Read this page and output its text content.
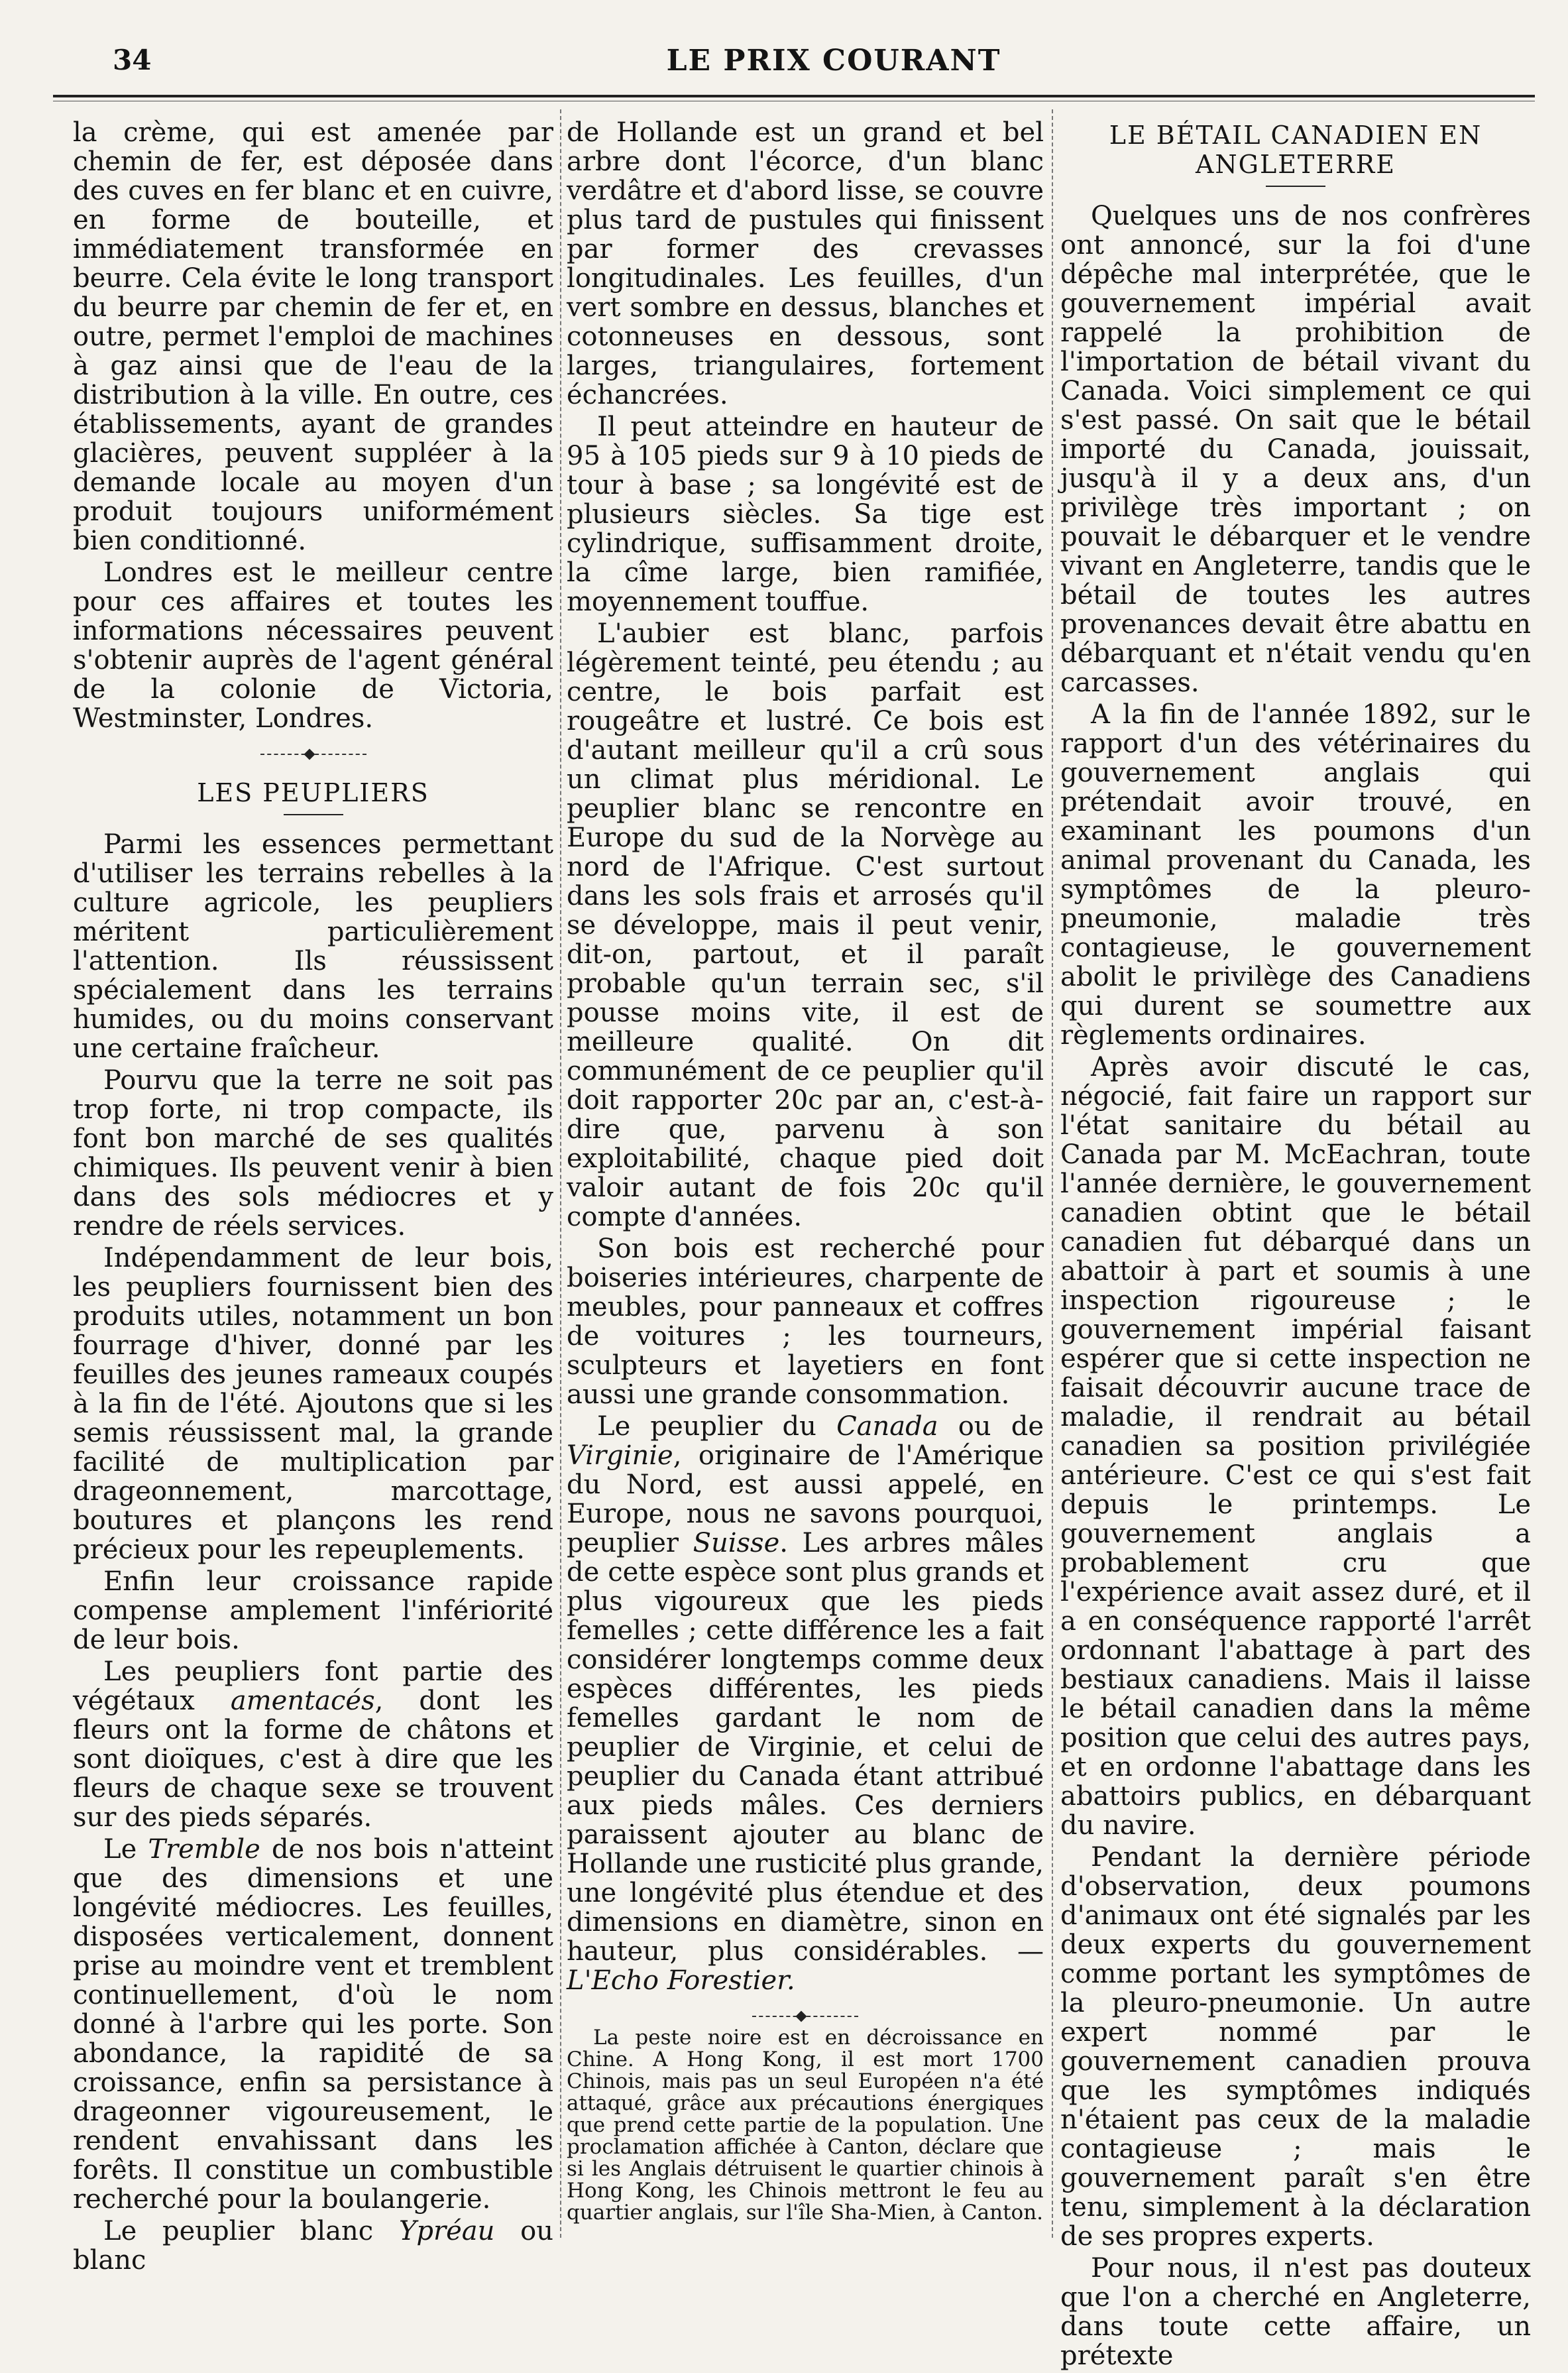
34	LE PRIX COURANT

la crème, qui est amenée par chemin de fer, est déposée dans des cuves en fer blanc et en cuivre, en forme de bouteille, et immédiatement transformée en beurre. Cela évite le long transport du beurre par chemin de fer et, en outre, permet l'emploi de machines à gaz ainsi que de l'eau de la distribution à la ville. En outre, ces établissements, ayant de grandes glacières, peuvent suppléer à la demande locale au moyen d'un produit toujours uniformément bien conditionné.

Londres est le meilleur centre pour ces affaires et toutes les informations nécessaires peuvent s'obtenir auprès de l'agent général de la colonie de Victoria, Westminster, Londres.

LES PEUPLIERS

Parmi les essences permettant d'utiliser les terrains rebelles à la culture agricole, les peupliers méritent particulièrement l'attention. Ils réussissent spécialement dans les terrains humides, ou du moins conservant une certaine fraîcheur.

Pourvu que la terre ne soit pas trop forte, ni trop compacte, ils font bon marché de ses qualités chimiques. Ils peuvent venir à bien dans des sols médiocres et y rendre de réels services.

Indépendamment de leur bois, les peupliers fournissent bien des produits utiles, notamment un bon fourrage d'hiver, donné par les feuilles des jeunes rameaux coupés à la fin de l'été. Ajoutons que si les semis réussissent mal, la grande facilité de multiplication par drageonnement, marcottage, boutures et plançons les rend précieux pour les repeuplements.

Enfin leur croissance rapide compense amplement l'infériorité de leur bois.

Les peupliers font partie des végétaux amentacés, dont les fleurs ont la forme de châtons et sont dioïques, c'est à dire que les fleurs de chaque sexe se trouvent sur des pieds séparés.

Le Tremble de nos bois n'atteint que des dimensions et une longévité médiocres. Les feuilles, disposées verticalement, donnent prise au moindre vent et tremblent continuellement, d'où le nom donné à l'arbre qui les porte. Son abondance, la rapidité de sa croissance, enfin sa persistance à drageonner vigoureusement, le rendent envahissant dans les forêts. Il constitue un combustible recherché pour la boulangerie.

Le peuplier blanc Ypréau ou blanc

de Hollande est un grand et bel arbre dont l'écorce, d'un blanc verdâtre et d'abord lisse, se couvre plus tard de pustules qui finissent par former des crevasses longitudinales. Les feuilles, d'un vert sombre en dessus, blanches et cotonneuses en dessous, sont larges, triangulaires, fortement échancrées.

Il peut atteindre en hauteur de 95 à 105 pieds sur 9 à 10 pieds de tour à base ; sa longévité est de plusieurs siècles. Sa tige est cylindrique, suffisamment droite, la cîme large, bien ramifiée, moyennement touffue.

L'aubier est blanc, parfois légèrement teinté, peu étendu ; au centre, le bois parfait est rougeâtre et lustré. Ce bois est d'autant meilleur qu'il a crû sous un climat plus méridional. Le peuplier blanc se rencontre en Europe du sud de la Norvège au nord de l'Afrique. C'est surtout dans les sols frais et arrosés qu'il se développe, mais il peut venir, dit-on, partout, et il paraît probable qu'un terrain sec, s'il pousse moins vite, il est de meilleure qualité. On dit communément de ce peuplier qu'il doit rapporter 20c par an, c'est-à-dire que, parvenu à son exploitabilité, chaque pied doit valoir autant de fois 20c qu'il compte d'années.

Son bois est recherché pour boiseries intérieures, charpente de meubles, pour panneaux et coffres de voitures ; les tourneurs, sculpteurs et layetiers en font aussi une grande consommation.

Le peuplier du Canada ou de Virginie, originaire de l'Amérique du Nord, est aussi appelé, en Europe, nous ne savons pourquoi, peuplier Suisse. Les arbres mâles de cette espèce sont plus grands et plus vigoureux que les pieds femelles ; cette différence les a fait considérer longtemps comme deux espèces différentes, les pieds femelles gardant le nom de peuplier de Virginie, et celui de peuplier du Canada étant attribué aux pieds mâles. Ces derniers paraissent ajouter au blanc de Hollande une rusticité plus grande, une longévité plus étendue et des dimensions en diamètre, sinon en hauteur, plus considérables. — L'Echo Forestier.

La peste noire est en décroissance en Chine. A Hong Kong, il est mort 1700 Chinois, mais pas un seul Européen n'a été attaqué, grâce aux précautions énergiques que prend cette partie de la population. Une proclamation affichée à Canton, déclare que si les Anglais détruisent le quartier chinois à Hong Kong, les Chinois mettront le feu au quartier anglais, sur l'île Sha-Mien, à Canton.

LE BÉTAIL CANADIEN EN ANGLETERRE

Quelques uns de nos confrères ont annoncé, sur la foi d'une dépêche mal interprétée, que le gouvernement impérial avait rappelé la prohibition de l'importation de bétail vivant du Canada. Voici simplement ce qui s'est passé. On sait que le bétail importé du Canada, jouissait, jusqu'à il y a deux ans, d'un privilège très important ; on pouvait le débarquer et le vendre vivant en Angleterre, tandis que le bétail de toutes les autres provenances devait être abattu en débarquant et n'était vendu qu'en carcasses.

A la fin de l'année 1892, sur le rapport d'un des vétérinaires du gouvernement anglais qui prétendait avoir trouvé, en examinant les poumons d'un animal provenant du Canada, les symptômes de la pleuro-pneumonie, maladie très contagieuse, le gouvernement abolit le privilège des Canadiens qui durent se soumettre aux règlements ordinaires.

Après avoir discuté le cas, négocié, fait faire un rapport sur l'état sanitaire du bétail au Canada par M. McEachran, toute l'année dernière, le gouvernement canadien obtint que le bétail canadien fut débarqué dans un abattoir à part et soumis à une inspection rigoureuse ; le gouvernement impérial faisant espérer que si cette inspection ne faisait découvrir aucune trace de maladie, il rendrait au bétail canadien sa position privilégiée antérieure. C'est ce qui s'est fait depuis le printemps. Le gouvernement anglais a probablement cru que l'expérience avait assez duré, et il a en conséquence rapporté l'arrêt ordonnant l'abattage à part des bestiaux canadiens. Mais il laisse le bétail canadien dans la même position que celui des autres pays, et en ordonne l'abattage dans les abattoirs publics, en débarquant du navire.

Pendant la dernière période d'observation, deux poumons d'animaux ont été signalés par les deux experts du gouvernement comme portant les symptômes de la pleuro-pneumonie. Un autre expert nommé par le gouvernement canadien prouva que les symptômes indiqués n'étaient pas ceux de la maladie contagieuse ; mais le gouvernement paraît s'en être tenu, simplement à la déclaration de ses propres experts.

Pour nous, il n'est pas douteux que l'on a cherché en Angleterre, dans toute cette affaire, un prétexte
